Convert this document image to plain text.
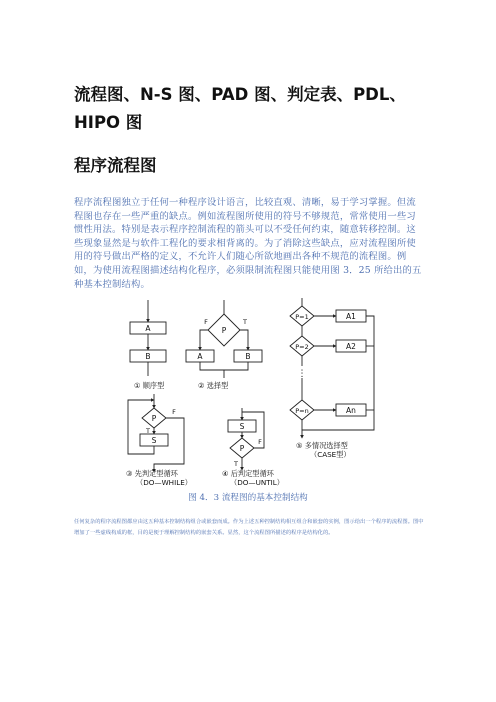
流程图、N-S 图、PAD 图、判定表、PDL、HIPO 图
程序流程图

程序流程图独立于任何一种程序设计语言，比较直观、清晰，易于学习掌握。但流程图也存在一些严重的缺点。例如流程图所使用的符号不够规范，常常使用一些习惯性用法。特别是表示程序控制流程的箭头可以不受任何约束，随意转移控制。这些现象显然是与软件工程化的要求相背离的。为了消除这些缺点，应对流程图所使用的符号做出严格的定义，不允许人们随心所欲地画出各种不规范的流程图。例如，为使用流程图描述结构化程序，必须限制流程图只能使用图 3．25 所给出的五种基本控制结构。

A
B
P
A	B
F	T
P
S
F
T	S
P
F
T
P=1
P=2
P=n
A1
A2
An
⋮
① 顺序型	② 选择型
③ 先判定型循环
（DO—WHILE）
④ 后判定型循环
（DO—UNTIL）
⑤ 多情况选择型
（CASE型）

图 4．3 流程图的基本控制结构

任何复杂的程序流程图都应由这五种基本控制结构组合或嵌套而成。作为上述五种控制结构相互组合和嵌套的实例，图示给出一个程序的流程图。图中增加了一些虚线构成的框，目的是便于理解控制结构的嵌套关系。显然，这个流程图所描述的程序是结构化的。
